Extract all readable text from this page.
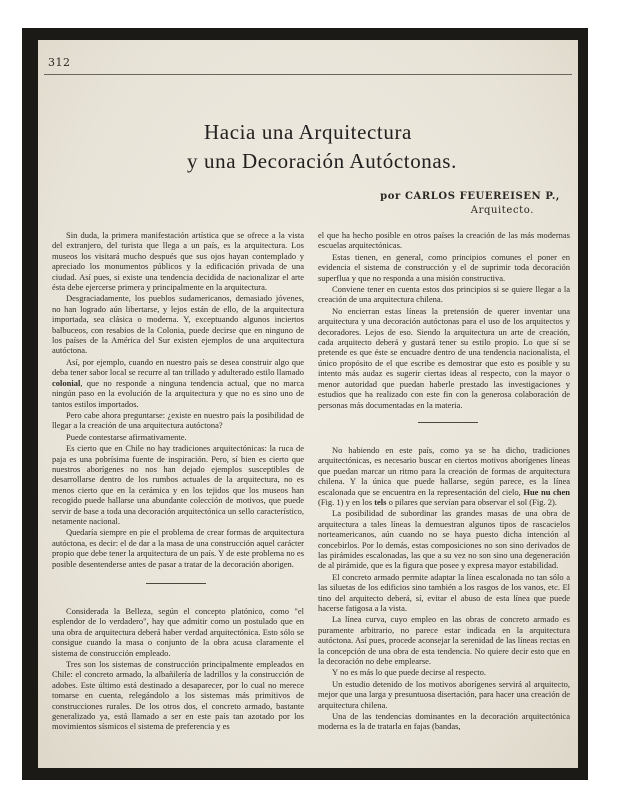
312
Hacia una Arquitectura
y una Decoración Autóctonas.
por CARLOS FEUEREISEN P.,
Arquitecto.

Sin duda, la primera manifestación artística que se ofrece a la vista del extranjero, del turista que llega a un país, es la arquitectura. Los museos los visitará mucho después que sus ojos hayan contemplado y apreciado los monumentos públicos y la edificación privada de una ciudad. Así pues, si existe una tendencia decidida de nacionalizar el arte ésta debe ejercerse primera y principalmente en la arquitectura.

Desgraciadamente, los pueblos sudamericanos, demasiado jóvenes, no han logrado aún libertarse, y lejos están de ello, de la arquitectura importada, sea clásica o moderna. Y, exceptuando algunos inciertos balbuceos, con resabios de la Colonia, puede decirse que en ninguno de los países de la América del Sur existen ejemplos de una arquitectura autóctona.

Así, por ejemplo, cuando en nuestro país se desea construir algo que deba tener sabor local se recurre al tan trillado y adulterado estilo llamado colonial, que no responde a ninguna tendencia actual, que no marca ningún paso en la evolución de la arquitectura y que no es sino uno de tantos estilos importados.

Pero cabe ahora preguntarse: ¿existe en nuestro país la posibilidad de llegar a la creación de una arquitectura autóctona?

Puede contestarse afirmativamente.

Es cierto que en Chile no hay tradiciones arquitectónicas: la ruca de paja es una pobrísima fuente de inspiración. Pero, sí bien es cierto que nuestros aborígenes no nos han dejado ejemplos susceptibles de desarrollarse dentro de los rumbos actuales de la arquitectura, no es menos cierto que en la cerámica y en los tejidos que los museos han recogido puede hallarse una abundante colección de motivos, que puede servir de base a toda una decoración arquitectónica un sello característico, netamente nacional.

Quedaría siempre en pie el problema de crear formas de arquitectura autóctona, es decir: el de dar a la masa de una construcción aquel carácter propio que debe tener la arquitectura de un país. Y de este problema no es posible desentenderse antes de pasar a tratar de la decoración aborigen.

Considerada la Belleza, según el concepto platónico, como "el esplendor de lo verdadero", hay que admitir como un postulado que en una obra de arquitectura deberá haber verdad arquitectónica. Esto sólo se consigue cuando la masa o conjunto de la obra acusa claramente el sistema de construcción empleado.

Tres son los sistemas de construcción principalmente empleados en Chile: el concreto armado, la albañilería de ladrillos y la construcción de adobes. Este último está destinado a desaparecer, por lo cual no merece tomarse en cuenta, relegándolo a los sistemas más primitivos de construcciones rurales. De los otros dos, el concreto armado, bastante generalizado ya, está llamado a ser en este país tan azotado por los movimientos sísmicos el sistema de preferencia y es

el que ha hecho posible en otros países la creación de las más modernas escuelas arquitectónicas.

Estas tienen, en general, como principios comunes el poner en evidencia el sistema de construcción y el de suprimir toda decoración superflua y que no responda a una misión constructiva.

Conviene tener en cuenta estos dos principios si se quiere llegar a la creación de una arquitectura chilena.

No encierran estas líneas la pretensión de querer inventar una arquitectura y una decoración autóctonas para el uso de los arquitectos y decoradores. Lejos de eso. Siendo la arquitectura un arte de creación, cada arquitecto deberá y gustará tener su estilo propio. Lo que sí se pretende es que éste se encuadre dentro de una tendencia nacionalista, el único propósito de el que escribe es demostrar que esto es posible y su intento más audaz es sugerir ciertas ideas al respecto, con la mayor o menor autoridad que puedan haberle prestado las investigaciones y estudios que ha realizado con este fin con la generosa colaboración de personas más documentadas en la materia.

No habiendo en este país, como ya se ha dicho, tradiciones arquitectónicas, es necesario buscar en ciertos motivos aborígenes líneas que puedan marcar un ritmo para la creación de formas de arquitectura chilena. Y la única que puede hallarse, según parece, es la línea escalonada que se encuentra en la representación del cielo, Hue nu chen (Fig. 1) y en los tels o pilares que servían para observar el sol (Fig. 2).

La posibilidad de subordinar las grandes masas de una obra de arquitectura a tales líneas la demuestran algunos tipos de rascacielos norteamericanos, aún cuando no se haya puesto dicha intención al concebirlos. Por lo demás, estas composiciones no son sino derivados de las pirámides escalonadas, las que a su vez no son sino una degeneración de al pirámide, que es la figura que posee y expresa mayor estabilidad.

El concreto armado permite adaptar la línea escalonada no tan sólo a las siluetas de los edificios sino también a los rasgos de los vanos, etc. El tino del arquitecto deberá, sí, evitar el abuso de esta línea que puede hacerse fatigosa a la vista.

La línea curva, cuyo empleo en las obras de concreto armado es puramente arbitrario, no parece estar indicada en la arquitectura autóctona. Así pues, procede aconsejar la serenidad de las líneas rectas en la concepción de una obra de esta tendencia. No quiere decir esto que en la decoración no debe emplearse.

Y no es más lo que puede decirse al respecto.

Un estudio detenido de los motivos aborígenes servirá al arquitecto, mejor que una larga y presuntuosa disertación, para hacer una creación de arquitectura chilena.

Una de las tendencias dominantes en la decoración arquitectónica moderna es la de tratarla en fajas (bandas,
